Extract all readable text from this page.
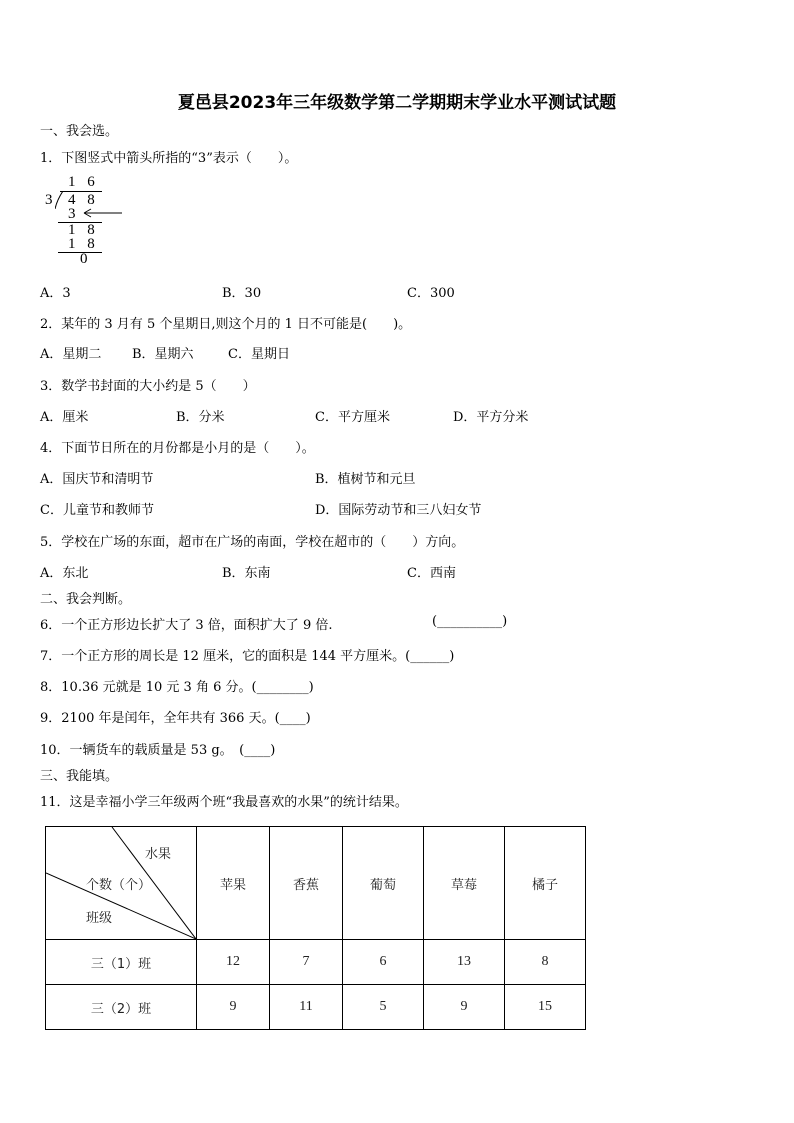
夏邑县2023年三年级数学第二学期期末学业水平测试试题
一、我会选。
1．下图竖式中箭头所指的“3”表示（　　）。
1 6
3 4 8
3
1 8
1 8
0
A．3	B．30	C．300
2．某年的 3 月有 5 个星期日,则这个月的 1 日不可能是(　　)。
A．星期二 B．星期六	C．星期日
3．数学书封面的大小约是 5（　　）
A．厘米	B．分米	C．平方厘米	D．平方分米
4．下面节日所在的月份都是小月的是（　　）。
A．国庆节和清明节	B．植树节和元旦
C．儿童节和教师节	D．国际劳动节和三八妇女节
5．学校在广场的东面，超市在广场的南面，学校在超市的（　　）方向。
A．东北	B．东南	C．西南
二、我会判断。
6．一个正方形边长扩大了 3 倍，面积扩大了 9 倍.	(__________)
7．一个正方形的周长是 12 厘米，它的面积是 144 平方厘米。(______)
8．10.36 元就是 10 元 3 角 6 分。(________)
9．2100 年是闰年，全年共有 366 天。(____)
10．一辆货车的载质量是 53 g。　(____)
三、我能填。
11．这是幸福小学三年级两个班“我最喜欢的水果”的统计结果。
水果
个数（个）
班级	苹果	香蕉	葡萄	草莓	橘子
三（1）班	12	7	6	13	8
三（2）班	9	11	5	9	15
